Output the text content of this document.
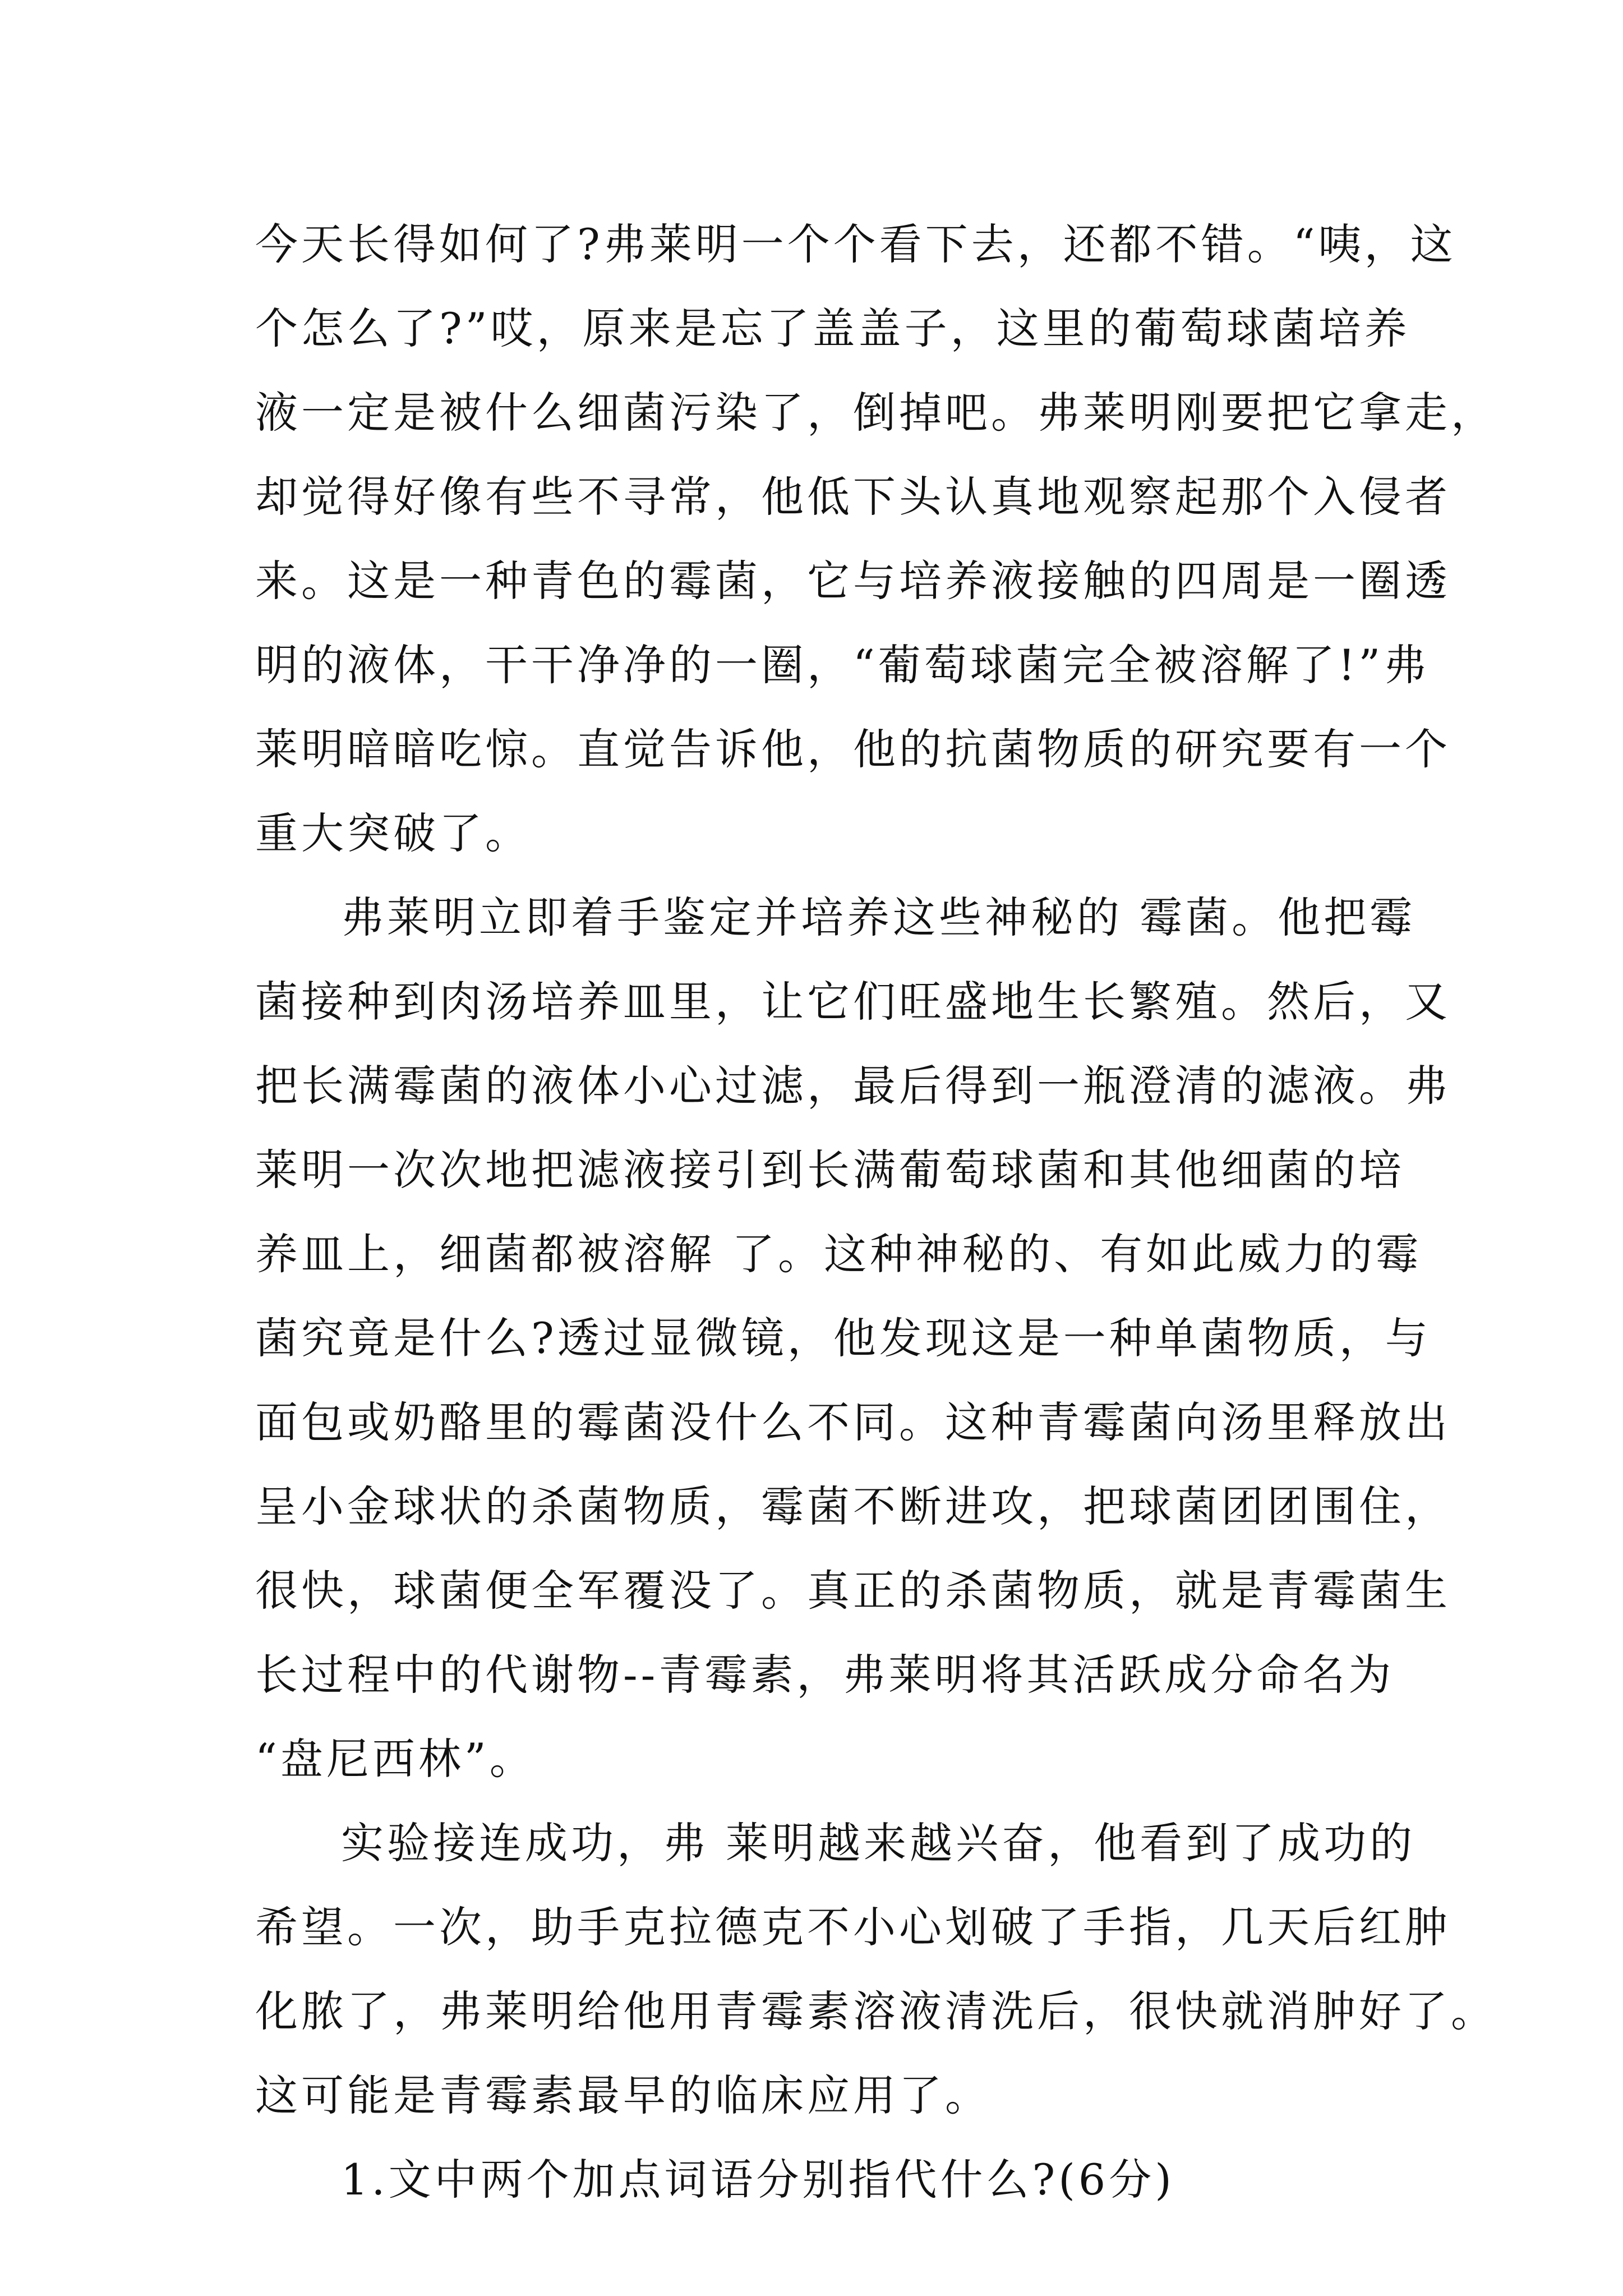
今天长得如何了?弗莱明一个个看下去，还都不错。“咦，这
个怎么了?”哎，原来是忘了盖盖子，这里的葡萄球菌培养
液一定是被什么细菌污染了，倒掉吧。弗莱明刚要把它拿走，
却觉得好像有些不寻常，他低下头认真地观察起那个入侵者
来。这是一种青色的霉菌，它与培养液接触的四周是一圈透
明的液体，干干净净的一圈，“葡萄球菌完全被溶解了!”弗
莱明暗暗吃惊。直觉告诉他，他的抗菌物质的研究要有一个
重大突破了。
弗莱明立即着手鉴定并培养这些神秘的 霉菌。他把霉
菌接种到肉汤培养皿里，让它们旺盛地生长繁殖。然后，又
把长满霉菌的液体小心过滤，最后得到一瓶澄清的滤液。弗
莱明一次次地把滤液接引到长满葡萄球菌和其他细菌的培
养皿上，细菌都被溶解 了。这种神秘的、有如此威力的霉
菌究竟是什么?透过显微镜，他发现这是一种单菌物质，与
面包或奶酪里的霉菌没什么不同。这种青霉菌向汤里释放出
呈小金球状的杀菌物质，霉菌不断进攻，把球菌团团围住，
很快，球菌便全军覆没了。真正的杀菌物质，就是青霉菌生
长过程中的代谢物--青霉素，弗莱明将其活跃成分命名为
“盘尼西林”。
实验接连成功，弗 莱明越来越兴奋，他看到了成功的
希望。一次，助手克拉德克不小心划破了手指，几天后红肿
化脓了，弗莱明给他用青霉素溶液清洗后，很快就消肿好了。
这可能是青霉素最早的临床应用了。
1.文中两个加点词语分别指代什么?(6分)
